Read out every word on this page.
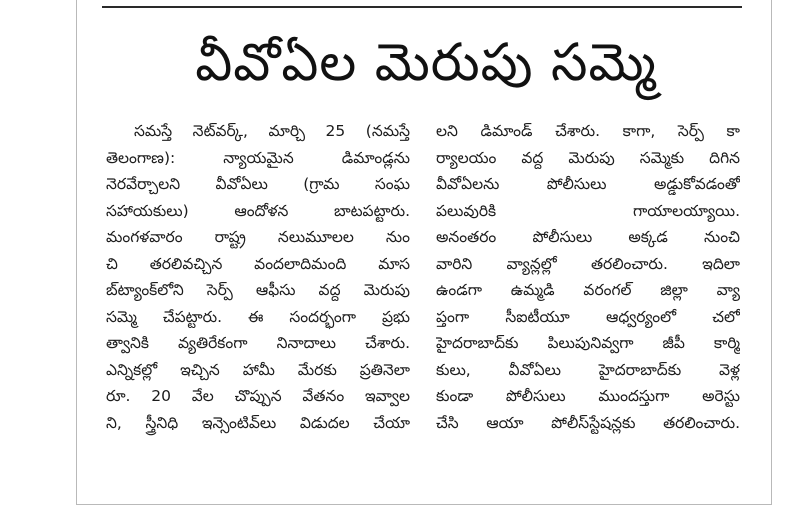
వీవోఏల మెరుపు సమ్మె
సమస్తే నెట్‌వర్క్, మార్చి 25 (నమస్తే
తెలంగాణ): న్యాయమైన డిమాండ్లను
నెరవేర్చాలని వీవోఏలు (గ్రామ సంఘ
సహాయకులు) ఆందోళన బాటపట్టారు.
మంగళవారం రాష్ట్ర నలుమూలల నుం
చి తరలివచ్చిన వందలాదిమంది మాస
బ్‌ట్యాంక్‌లోని సెర్ప్ ఆఫీసు వద్ద మెరుపు
సమ్మె చేపట్టారు. ఈ సందర్భంగా ప్రభు
త్వానికి వ్యతిరేకంగా నినాదాలు చేశారు.
ఎన్నికల్లో ఇచ్చిన హామీ మేరకు ప్రతినెలా
రూ. 20 వేల చొప్పున వేతనం ఇవ్వాల
ని, స్త్రీనిధి ఇన్సెంటివ్‌లు విడుదల చేయా
లని డిమాండ్ చేశారు. కాగా, సెర్ప్ కా
ర్యాలయం వద్ద మెరుపు సమ్మెకు దిగిన
వీవోఏలను పోలీసులు అడ్డుకోవడంతో
పలువురికి గాయాలయ్యాయి.
అనంతరం పోలీసులు అక్కడ నుంచి
వారిని వ్యాన్లల్లో తరలించారు. ఇదిలా
ఉండగా ఉమ్మడి వరంగల్ జిల్లా వ్యా
ప్తంగా సీఐటీయూ ఆధ్వర్యంలో చలో
హైదరాబాద్‌కు పిలుపునివ్వగా జీపీ కార్మి
కులు, వీవోఏలు హైదరాబాద్‌కు వెళ్ల
కుండా పోలీసులు ముందస్తుగా అరెస్టు
చేసి ఆయా పోలీస్‌స్టేషన్లకు తరలించారు.
